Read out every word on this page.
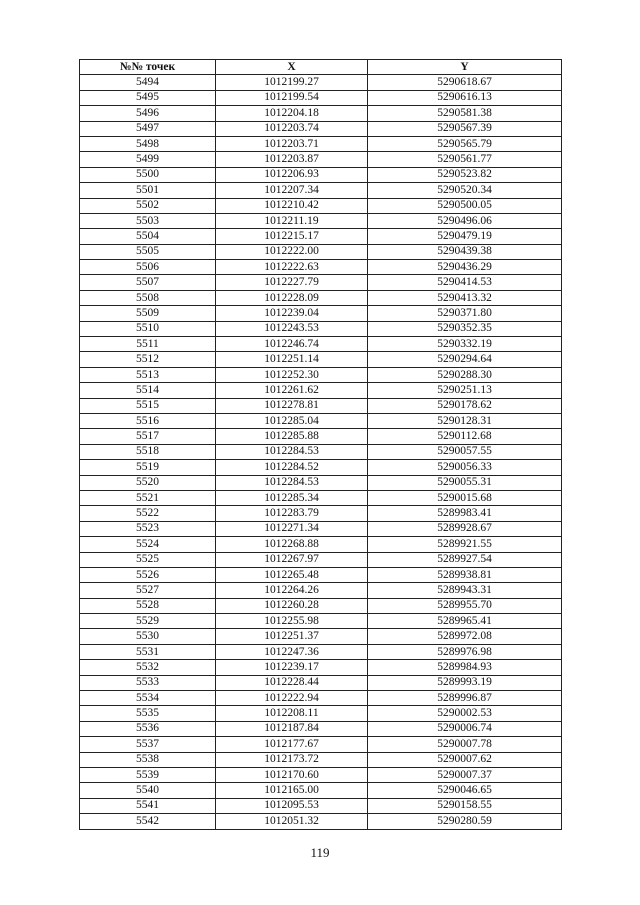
№№ точек	X	Y
5494	1012199.27	5290618.67
5495	1012199.54	5290616.13
5496	1012204.18	5290581.38
5497	1012203.74	5290567.39
5498	1012203.71	5290565.79
5499	1012203.87	5290561.77
5500	1012206.93	5290523.82
5501	1012207.34	5290520.34
5502	1012210.42	5290500.05
5503	1012211.19	5290496.06
5504	1012215.17	5290479.19
5505	1012222.00	5290439.38
5506	1012222.63	5290436.29
5507	1012227.79	5290414.53
5508	1012228.09	5290413.32
5509	1012239.04	5290371.80
5510	1012243.53	5290352.35
5511	1012246.74	5290332.19
5512	1012251.14	5290294.64
5513	1012252.30	5290288.30
5514	1012261.62	5290251.13
5515	1012278.81	5290178.62
5516	1012285.04	5290128.31
5517	1012285.88	5290112.68
5518	1012284.53	5290057.55
5519	1012284.52	5290056.33
5520	1012284.53	5290055.31
5521	1012285.34	5290015.68
5522	1012283.79	5289983.41
5523	1012271.34	5289928.67
5524	1012268.88	5289921.55
5525	1012267.97	5289927.54
5526	1012265.48	5289938.81
5527	1012264.26	5289943.31
5528	1012260.28	5289955.70
5529	1012255.98	5289965.41
5530	1012251.37	5289972.08
5531	1012247.36	5289976.98
5532	1012239.17	5289984.93
5533	1012228.44	5289993.19
5534	1012222.94	5289996.87
5535	1012208.11	5290002.53
5536	1012187.84	5290006.74
5537	1012177.67	5290007.78
5538	1012173.72	5290007.62
5539	1012170.60	5290007.37
5540	1012165.00	5290046.65
5541	1012095.53	5290158.55
5542	1012051.32	5290280.59
119
